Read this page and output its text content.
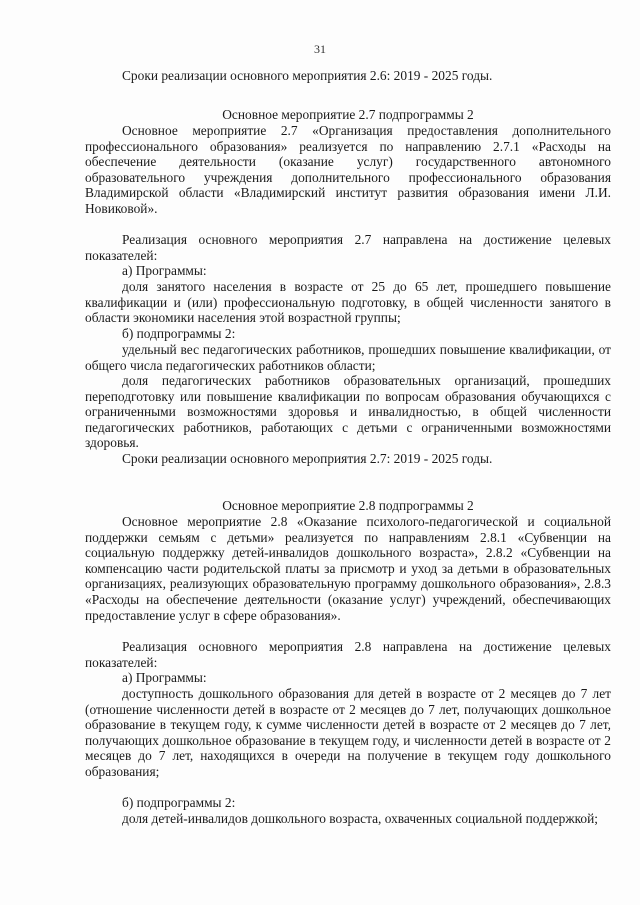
31

Сроки реализации основного мероприятия 2.6: 2019 - 2025 годы.

Основное мероприятие 2.7 подпрограммы 2

Основное мероприятие 2.7 «Организация предоставления дополнительного профессионального образования» реализуется по направлению 2.7.1 «Расходы на обеспечение деятельности (оказание услуг) государственного автономного образовательного учреждения дополнительного профессионального образования Владимирской области «Владимирский институт развития образования имени Л.И. Новиковой».

Реализация основного мероприятия 2.7 направлена на достижение целевых показателей:

а) Программы:

доля занятого населения в возрасте от 25 до 65 лет, прошедшего повышение квалификации и (или) профессиональную подготовку, в общей численности занятого в области экономики населения этой возрастной группы;

б) подпрограммы 2:

удельный вес педагогических работников, прошедших повышение квалификации, от общего числа педагогических работников области;

доля педагогических работников образовательных организаций, прошедших переподготовку или повышение квалификации по вопросам образования обучающихся с ограниченными возможностями здоровья и инвалидностью, в общей численности педагогических работников, работающих с детьми с ограниченными возможностями здоровья.

Сроки реализации основного мероприятия 2.7: 2019 - 2025 годы.

Основное мероприятие 2.8 подпрограммы 2

Основное мероприятие 2.8 «Оказание психолого-педагогической и социальной поддержки семьям с детьми» реализуется по направлениям 2.8.1 «Субвенции на социальную поддержку детей-инвалидов дошкольного возраста», 2.8.2 «Субвенции на компенсацию части родительской платы за присмотр и уход за детьми в образовательных организациях, реализующих образовательную программу дошкольного образования», 2.8.3 «Расходы на обеспечение деятельности (оказание услуг) учреждений, обеспечивающих предоставление услуг в сфере образования».

Реализация основного мероприятия 2.8 направлена на достижение целевых показателей:

а) Программы:

доступность дошкольного образования для детей в возрасте от 2 месяцев до 7 лет (отношение численности детей в возрасте от 2 месяцев до 7 лет, получающих дошкольное образование в текущем году, к сумме численности детей в возрасте от 2 месяцев до 7 лет, получающих дошкольное образование в текущем году, и численности детей в возрасте от 2 месяцев до 7 лет, находящихся в очереди на получение в текущем году дошкольного образования;

б) подпрограммы 2:

доля детей-инвалидов дошкольного возраста, охваченных социальной поддержкой;
